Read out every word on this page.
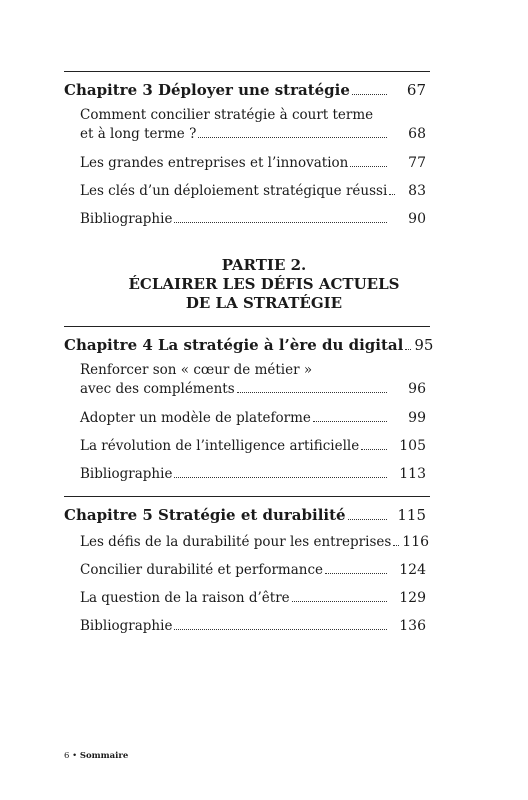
Chapitre 3 Déployer une stratégie	67
Comment concilier stratégie à court terme
et à long terme ?	68
Les grandes entreprises et l’innovation	77
Les clés d’un déploiement stratégique réussi	83
Bibliographie	90
PARTIE 2.
ÉCLAIRER LES DÉFIS ACTUELS
DE LA STRATÉGIE
Chapitre 4 La stratégie à l’ère du digital 95
Renforcer son « cœur de métier »
avec des compléments	96
Adopter un modèle de plateforme	99
La révolution de l’intelligence artificielle	105
Bibliographie	113
Chapitre 5 Stratégie et durabilité	115
Les défis de la durabilité pour les entreprises 116
Concilier durabilité et performance	124
La question de la raison d’être	129
Bibliographie	136
6 • Sommaire
